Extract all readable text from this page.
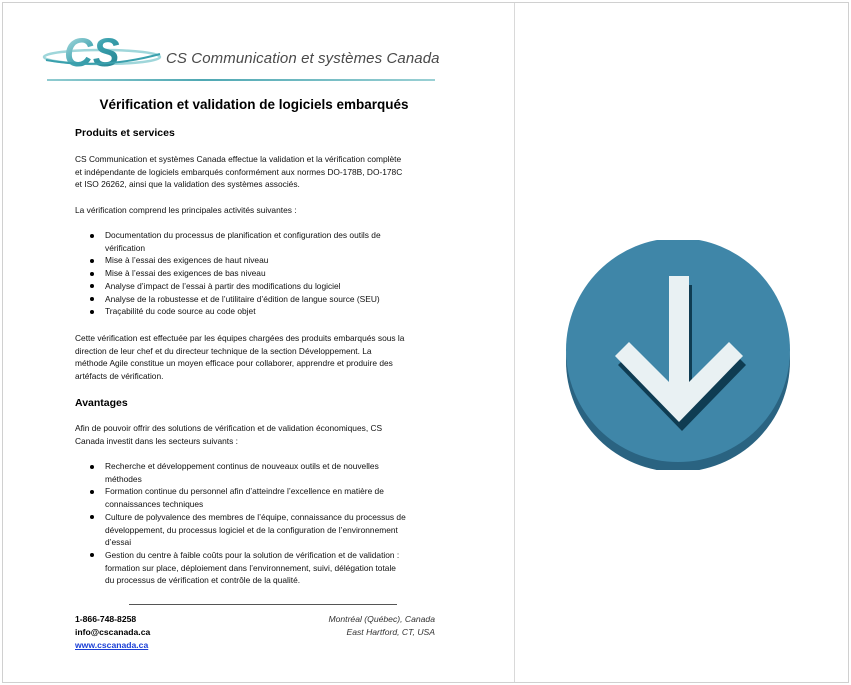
CS	CS Communication et systèmes Canada
Vérification et validation de logiciels embarqués
Produits et services
CS Communication et systèmes Canada effectue la validation et la vérification complète
et indépendante de logiciels embarqués conformément aux normes DO-178B, DO-178C
et ISO 26262, ainsi que la validation des systèmes associés.
La vérification comprend les principales activités suivantes :
Documentation du processus de planification et configuration des outils de
vérification
Mise à l’essai des exigences de haut niveau
Mise à l’essai des exigences de bas niveau
Analyse d’impact de l’essai à partir des modifications du logiciel
Analyse de la robustesse et de l’utilitaire d’édition de langue source (SEU)
Traçabilité du code source au code objet
Cette vérification est effectuée par les équipes chargées des produits embarqués sous la
direction de leur chef et du directeur technique de la section Développement. La
méthode Agile constitue un moyen efficace pour collaborer, apprendre et produire des
artéfacts de vérification.
Avantages
Afin de pouvoir offrir des solutions de vérification et de validation économiques, CS
Canada investit dans les secteurs suivants :
Recherche et développement continus de nouveaux outils et de nouvelles
méthodes
Formation continue du personnel afin d’atteindre l’excellence en matière de
connaissances techniques
Culture de polyvalence des membres de l’équipe, connaissance du processus de
développement, du processus logiciel et de la configuration de l’environnement
d’essai
Gestion du centre à faible coûts pour la solution de vérification et de validation :
formation sur place, déploiement dans l’environnement, suivi, délégation totale
du processus de vérification et contrôle de la qualité.
1-866-748-8258
info@cscanada.ca
www.cscanada.ca
Montréal (Québec), Canada
East Hartford, CT, USA
